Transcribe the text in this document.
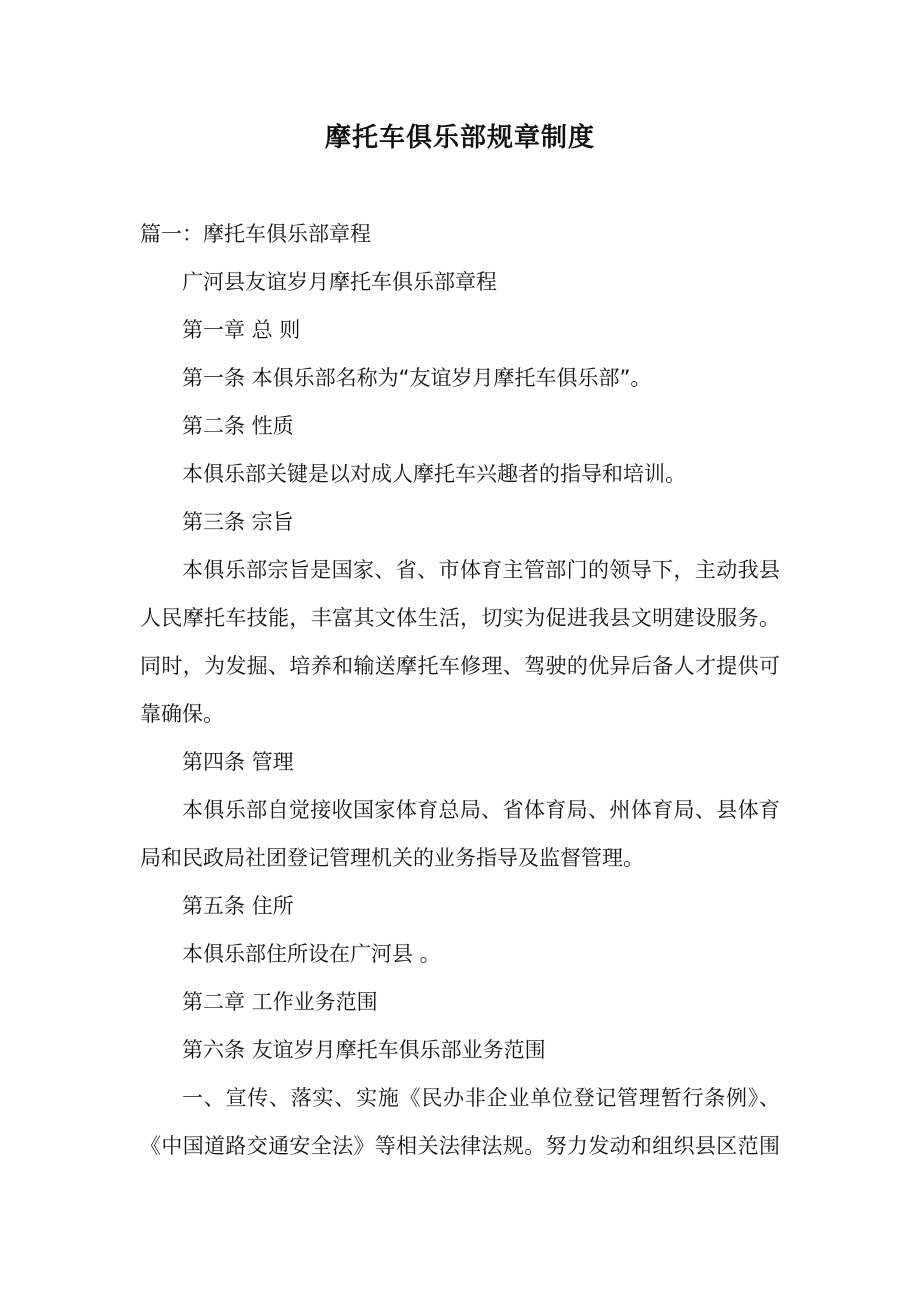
摩托车俱乐部规章制度
篇一：摩托车俱乐部章程
广河县友谊岁月摩托车俱乐部章程
第一章 总 则
第一条 本俱乐部名称为“友谊岁月摩托车俱乐部”。
第二条 性质
本俱乐部关键是以对成人摩托车兴趣者的指导和培训。
第三条 宗旨
本俱乐部宗旨是国家、省、市体育主管部门的领导下，主动我县
人民摩托车技能，丰富其文体生活，切实为促进我县文明建设服务。
同时，为发掘、培养和输送摩托车修理、驾驶的优异后备人才提供可
靠确保。
第四条 管理
本俱乐部自觉接收国家体育总局、省体育局、州体育局、县体育
局和民政局社团登记管理机关的业务指导及监督管理。
第五条 住所
本俱乐部住所设在广河县 。
第二章 工作业务范围
第六条 友谊岁月摩托车俱乐部业务范围
一、宣传、落实、实施《民办非企业单位登记管理暂行条例》、
《中国道路交通安全法》等相关法律法规。努力发动和组织县区范围
